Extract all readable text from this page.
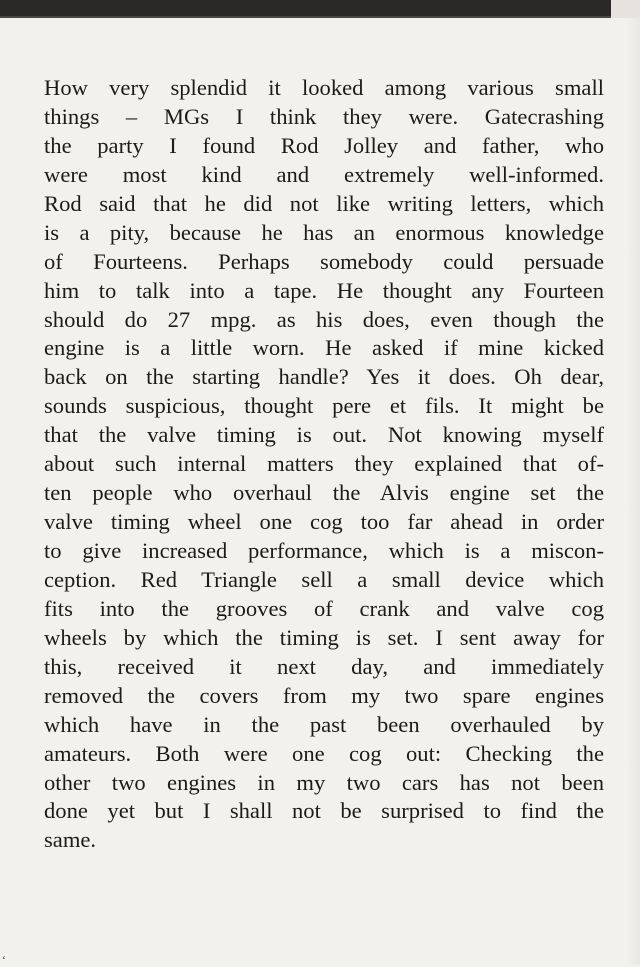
How very splendid it looked among various small
things – MGs I think they were. Gatecrashing
the party I found Rod Jolley and father, who
were most kind and extremely well-informed.
Rod said that he did not like writing letters, which
is a pity, because he has an enormous knowledge
of Fourteens. Perhaps somebody could persuade
him to talk into a tape. He thought any Fourteen
should do 27 mpg. as his does, even though the
engine is a little worn. He asked if mine kicked
back on the starting handle? Yes it does. Oh dear,
sounds suspicious, thought pere et fils. It might be
that the valve timing is out. Not knowing myself
about such internal matters they explained that of-
ten people who overhaul the Alvis engine set the
valve timing wheel one cog too far ahead in order
to give increased performance, which is a miscon-
ception. Red Triangle sell a small device which
fits into the grooves of crank and valve cog
wheels by which the timing is set. I sent away for
this, received it next day, and immediately
removed the covers from my two spare engines
which have in the past been overhauled by
amateurs. Both were one cog out: Checking the
other two engines in my two cars has not been
done yet but I shall not be surprised to find the
same.
‘
